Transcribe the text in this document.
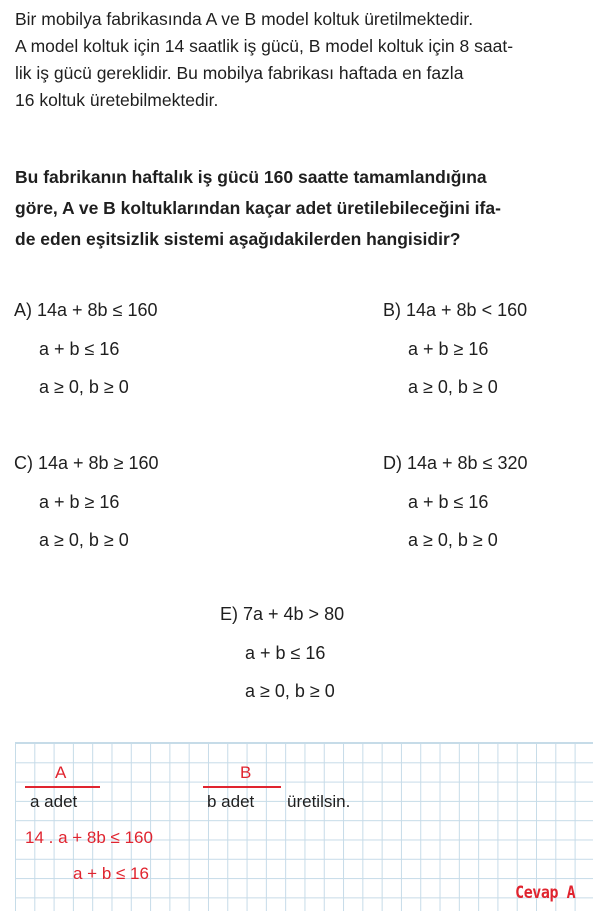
Bir mobilya fabrikasında A ve B model koltuk üretilmektedir.
A model koltuk için 14 saatlik iş gücü, B model koltuk için 8 saat-
lik iş gücü gereklidir. Bu mobilya fabrikası haftada en fazla
16 koltuk üretebilmektedir.

Bu fabrikanın haftalık iş gücü 160 saatte tamamlandığına
göre, A ve B koltuklarından kaçar adet üretilebileceğini ifa-
de eden eşitsizlik sistemi aşağıdakilerden hangisidir?

A) 14a + 8b ≤ 160
a + b ≤ 16
a ≥ 0, b ≥ 0
B) 14a + 8b < 160
a + b ≥ 16
a ≥ 0, b ≥ 0
C) 14a + 8b ≥ 160
a + b ≥ 16
a ≥ 0, b ≥ 0
D) 14a + 8b ≤ 320
a + b ≤ 16
a ≥ 0, b ≥ 0
E) 7a + 4b > 80
a + b ≤ 16
a ≥ 0, b ≥ 0
A
a adet
B
b adet üretilsin.
14 . a + 8b ≤ 160
a + b ≤ 16
Cevap A
